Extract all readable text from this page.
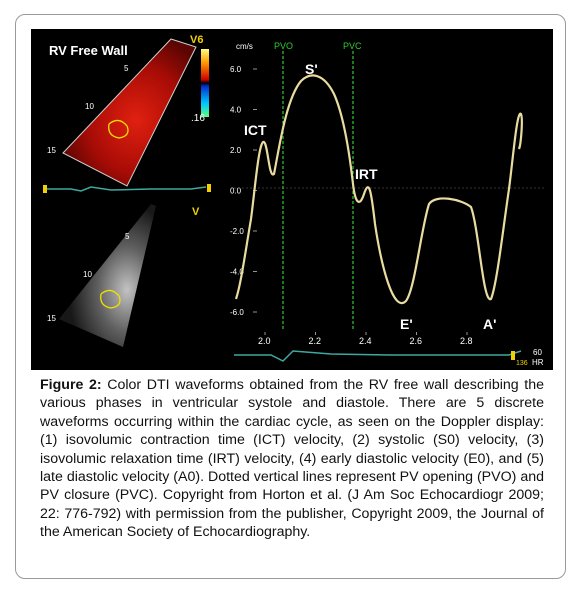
RV Free Wall
5
10
15
V6
.16
V
5
10
15
cm/s
6.0
4.0
2.0
0.0
-2.0
-4.0
-6.0
2.0	2.2	2.4	2.6	2.8
PVO	PVC
ICT
S'
IRT
E'	A'
60
HR
136
Figure 2: Color DTI waveforms obtained from the RV free wall describing the various phases in ventricular systole and diastole. There are 5 discrete waveforms occurring within the cardiac cycle, as seen on the Doppler display: (1) isovolumic contraction time (ICT) velocity, (2) systolic (S0) velocity, (3) isovolumic relaxation time (IRT) velocity, (4) early diastolic velocity (E0), and (5) late diastolic velocity (A0). Dotted vertical lines represent PV opening (PVO) and PV closure (PVC). Copyright from Horton et al. (J Am Soc Echocardiogr 2009; 22: 776-792) with permission from the publisher, Copyright 2009, the Journal of the American Society of Echocardiography.
